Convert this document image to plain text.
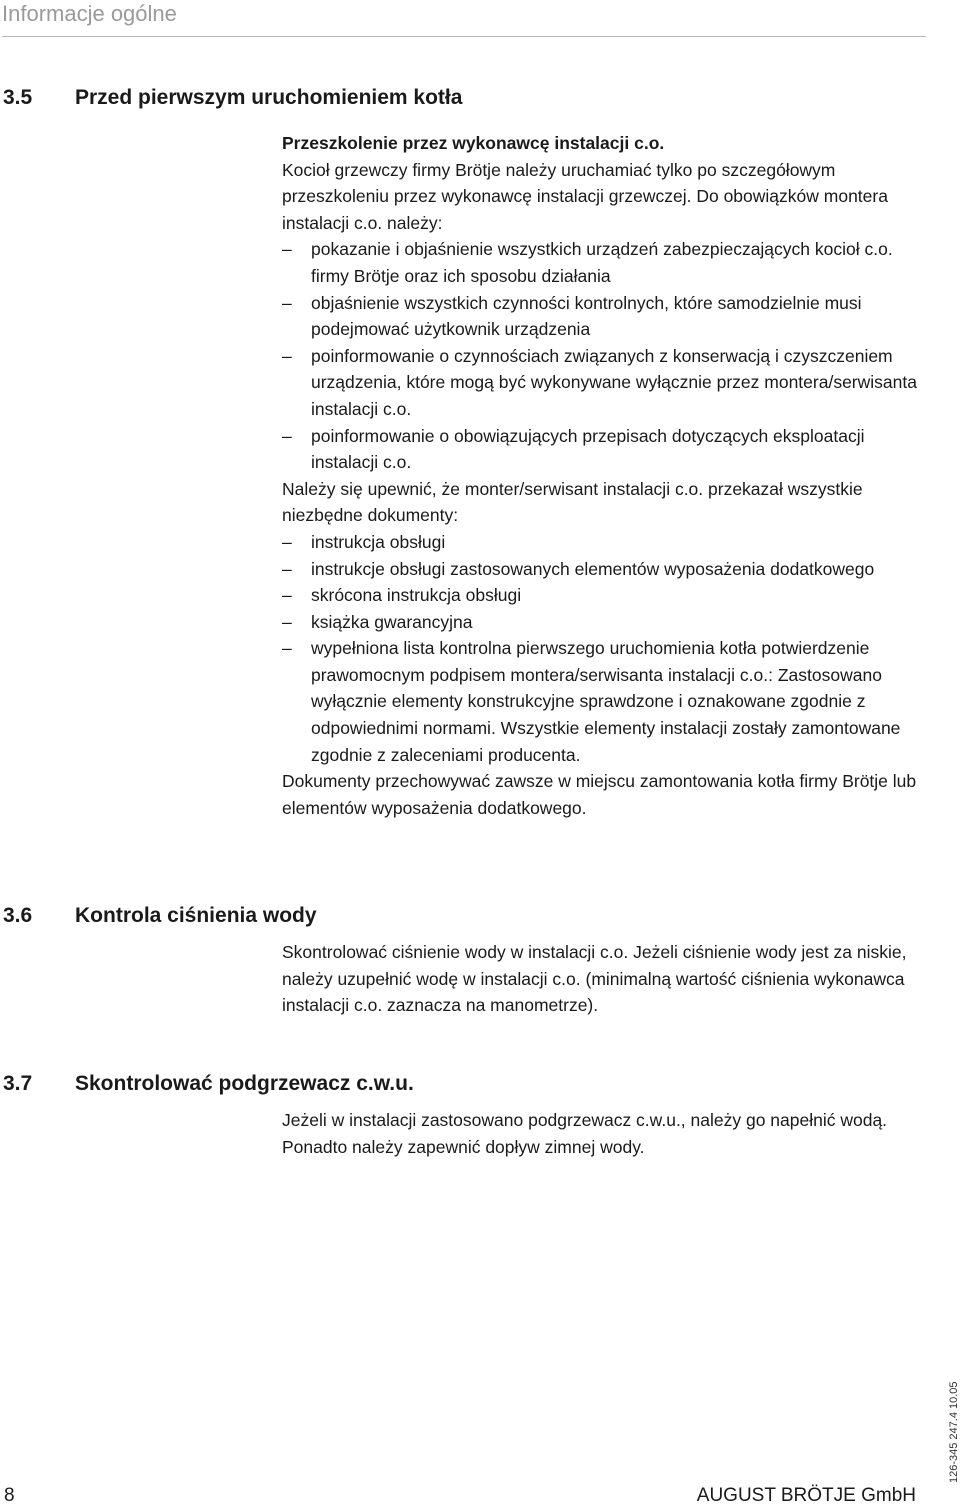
Informacje ogólne
3.5 Przed pierwszym uruchomieniem kotła

Przeszkolenie przez wykonawcę instalacji c.o.

Kocioł grzewczy firmy Brötje należy uruchamiać tylko po szczegółowym przeszkoleniu przez wykonawcę instalacji grzewczej. Do obowiązków montera instalacji c.o. należy:

–	pokazanie i objaśnienie wszystkich urządzeń zabezpieczających kocioł c.o. firmy Brötje oraz ich sposobu działania
–	objaśnienie wszystkich czynności kontrolnych, które samodzielnie musi podejmować użytkownik urządzenia
–	poinformowanie o czynnościach związanych z konserwacją i czyszczeniem urządzenia, które mogą być wykonywane wyłącznie przez montera/serwisanta instalacji c.o.
–	poinformowanie o obowiązujących przepisach dotyczących eksploatacji instalacji c.o.

Należy się upewnić, że monter/serwisant instalacji c.o. przekazał wszystkie niezbędne dokumenty:

–	instrukcja obsługi
–	instrukcje obsługi zastosowanych elementów wyposażenia dodatkowego
–	skrócona instrukcja obsługi
–	książka gwarancyjna
–	wypełniona lista kontrolna pierwszego uruchomienia kotła potwierdzenie prawomocnym podpisem montera/serwisanta instalacji c.o.: Zastosowano wyłącznie elementy konstrukcyjne sprawdzone i oznakowane zgodnie z odpowiednimi normami. Wszystkie elementy instalacji zostały zamontowane zgodnie z zaleceniami producenta.

Dokumenty przechowywać zawsze w miejscu zamontowania kotła firmy Brötje lub elementów wyposażenia dodatkowego.

3.6 Kontrola ciśnienia wody

Skontrolować ciśnienie wody w instalacji c.o. Jeżeli ciśnienie wody jest za niskie, należy uzupełnić wodę w instalacji c.o. (minimalną wartość ciśnienia wykonawca instalacji c.o. zaznacza na manometrze).

3.7 Skontrolować podgrzewacz c.w.u.

Jeżeli w instalacji zastosowano podgrzewacz c.w.u., należy go napełnić wodą. Ponadto należy zapewnić dopływ zimnej wody.

8	AUGUST BRÖTJE GmbH
126-345 247.4 10.05
